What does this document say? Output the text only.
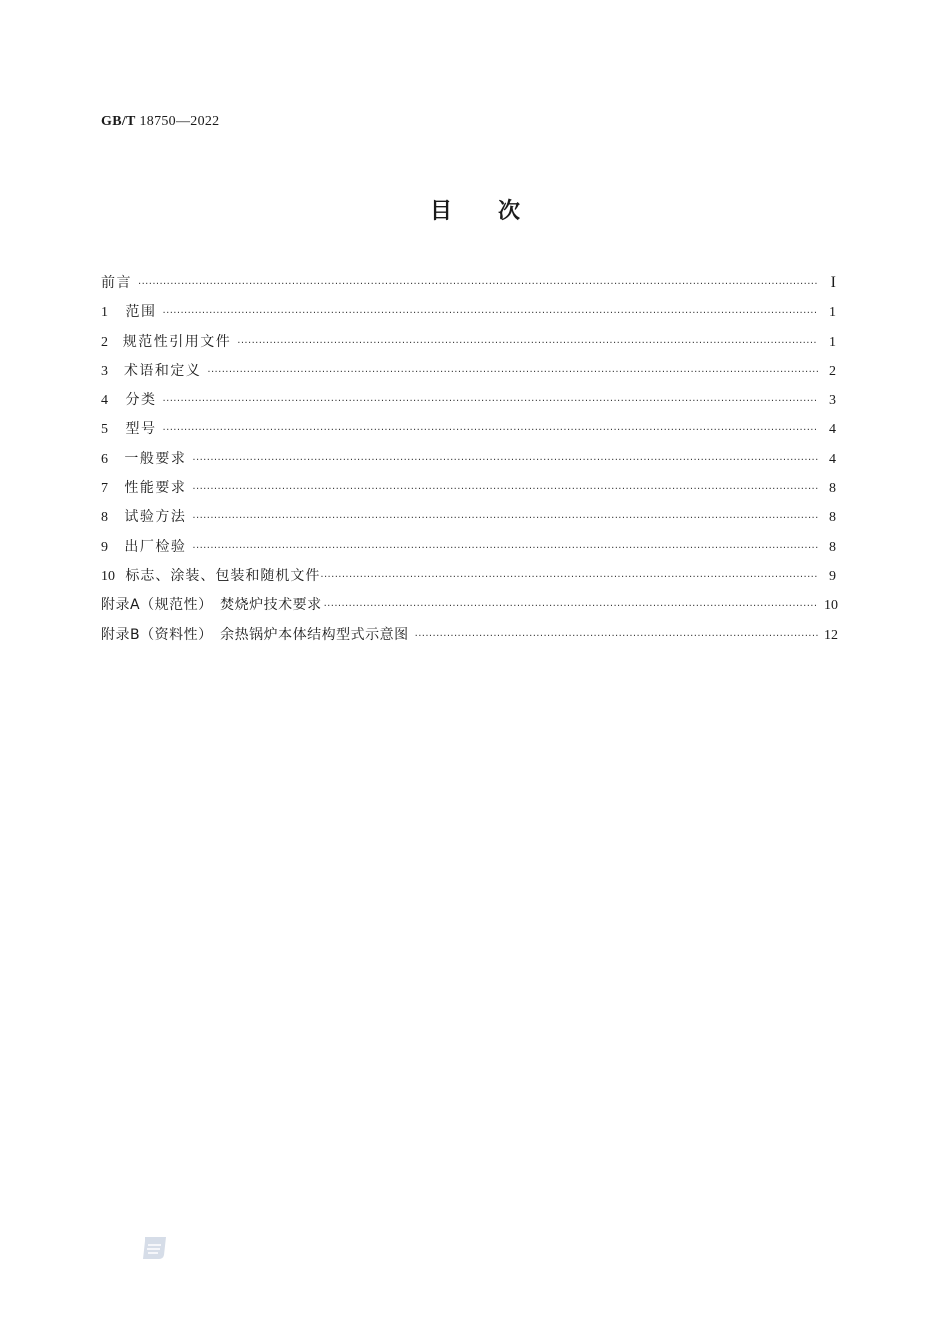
GB/T 18750—2022
目 次
前言 ·····	I
1	范围 ·····	1
2	规范性引用文件 ·····	1
3	术语和定义 ·····	2
4	分类 ·····	3
5	型号 ·····	4
6	一般要求 ·····	4
7	性能要求 ·····	8
8	试验方法 ·····	8
9	出厂检验 ·····	8
10 标志、涂装、包装和随机文件 ·····	9
附录A（规范性）　焚烧炉技术要求 ·····	10
附录B（资料性）　余热锅炉本体结构型式示意图 ·····	12
